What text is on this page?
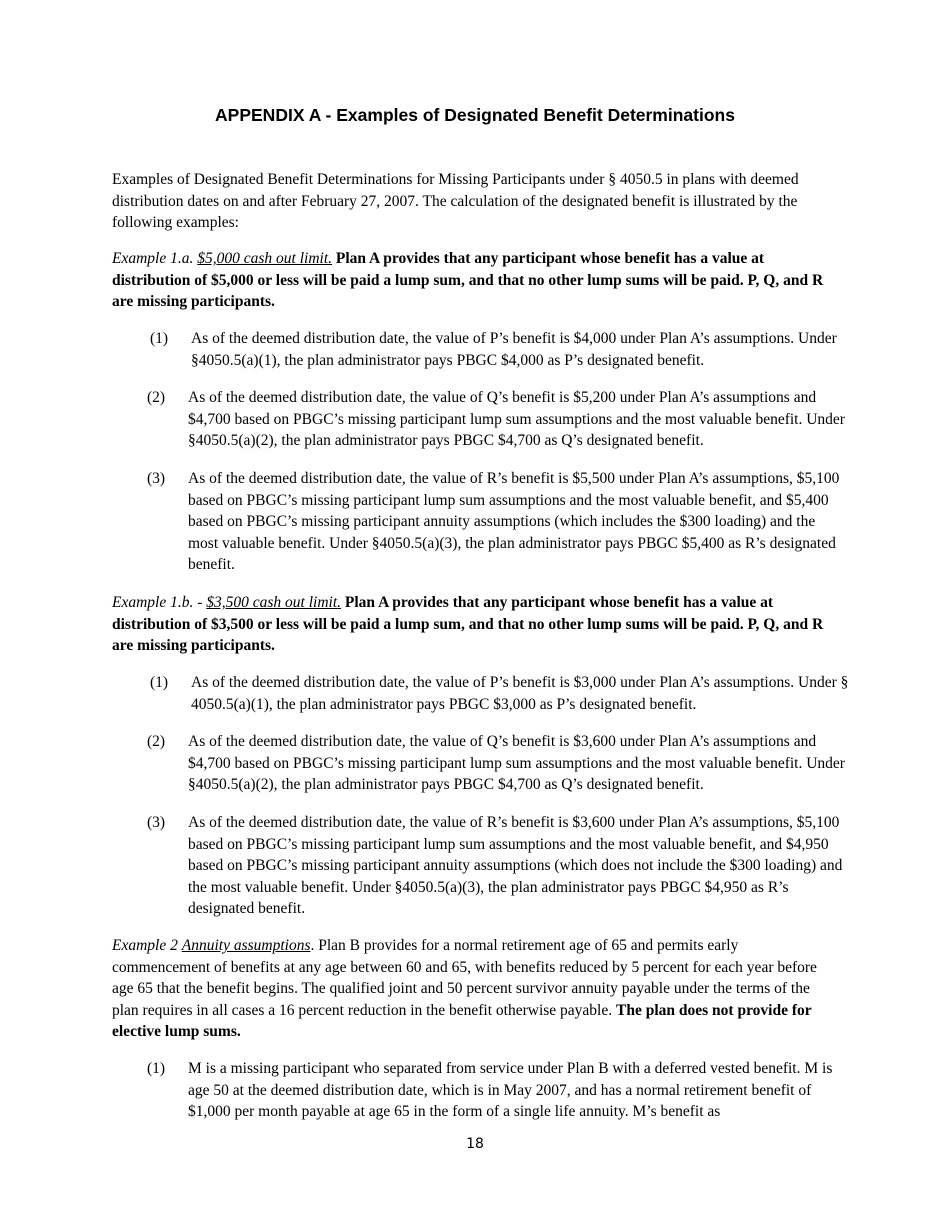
APPENDIX A - Examples of Designated Benefit Determinations

Examples of Designated Benefit Determinations for Missing Participants under § 4050.5 in plans with deemed distribution dates on and after February 27, 2007. The calculation of the designated benefit is illustrated by the following examples:

Example 1.a. $5,000 cash out limit. Plan A provides that any participant whose benefit has a value at distribution of $5,000 or less will be paid a lump sum, and that no other lump sums will be paid. P, Q, and R are missing participants.

(1) As of the deemed distribution date, the value of P’s benefit is $4,000 under Plan A’s assumptions. Under §4050.5(a)(1), the plan administrator pays PBGC $4,000 as P’s designated benefit.
(2) As of the deemed distribution date, the value of Q’s benefit is $5,200 under Plan A’s assumptions and $4,700 based on PBGC’s missing participant lump sum assumptions and the most valuable benefit. Under §4050.5(a)(2), the plan administrator pays PBGC $4,700 as Q’s designated benefit.
(3) As of the deemed distribution date, the value of R’s benefit is $5,500 under Plan A’s assumptions, $5,100 based on PBGC’s missing participant lump sum assumptions and the most valuable benefit, and $5,400 based on PBGC’s missing participant annuity assumptions (which includes the $300 loading) and the most valuable benefit. Under §4050.5(a)(3), the plan administrator pays PBGC $5,400 as R’s designated benefit.

Example 1.b. - $3,500 cash out limit. Plan A provides that any participant whose benefit has a value at distribution of $3,500 or less will be paid a lump sum, and that no other lump sums will be paid. P, Q, and R are missing participants.

(1) As of the deemed distribution date, the value of P’s benefit is $3,000 under Plan A’s assumptions. Under § 4050.5(a)(1), the plan administrator pays PBGC $3,000 as P’s designated benefit.
(2) As of the deemed distribution date, the value of Q’s benefit is $3,600 under Plan A’s assumptions and $4,700 based on PBGC’s missing participant lump sum assumptions and the most valuable benefit. Under §4050.5(a)(2), the plan administrator pays PBGC $4,700 as Q’s designated benefit.
(3) As of the deemed distribution date, the value of R’s benefit is $3,600 under Plan A’s assumptions, $5,100 based on PBGC’s missing participant lump sum assumptions and the most valuable benefit, and $4,950 based on PBGC’s missing participant annuity assumptions (which does not include the $300 loading) and the most valuable benefit. Under §4050.5(a)(3), the plan administrator pays PBGC $4,950 as R’s designated benefit.

Example 2 Annuity assumptions. Plan B provides for a normal retirement age of 65 and permits early commencement of benefits at any age between 60 and 65, with benefits reduced by 5 percent for each year before age 65 that the benefit begins. The qualified joint and 50 percent survivor annuity payable under the terms of the plan requires in all cases a 16 percent reduction in the benefit otherwise payable. The plan does not provide for elective lump sums.

(1) M is a missing participant who separated from service under Plan B with a deferred vested benefit. M is age 50 at the deemed distribution date, which is in May 2007, and has a normal retirement benefit of $1,000 per month payable at age 65 in the form of a single life annuity. M’s benefit as
18
